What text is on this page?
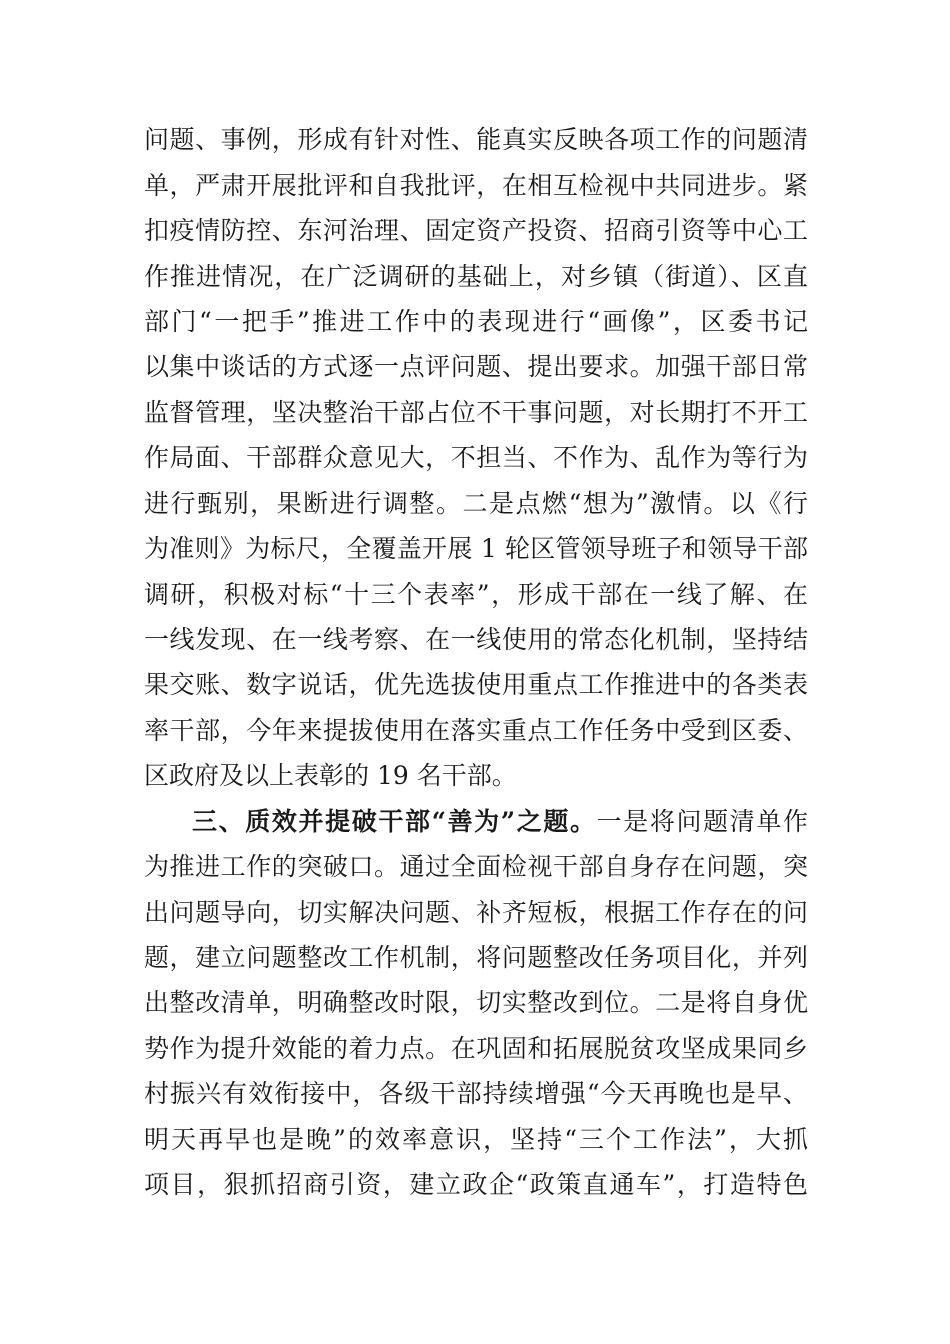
问题、事例，形成有针对性、能真实反映各项工作的问题清
单，严肃开展批评和自我批评，在相互检视中共同进步。紧
扣疫情防控、东河治理、固定资产投资、招商引资等中心工
作推进情况，在广泛调研的基础上，对乡镇（街道）、区直
部门“一把手”推进工作中的表现进行“画像”，区委书记
以集中谈话的方式逐一点评问题、提出要求。加强干部日常
监督管理，坚决整治干部占位不干事问题，对长期打不开工
作局面、干部群众意见大，不担当、不作为、乱作为等行为
进行甄别，果断进行调整。二是点燃“想为”激情。以《行
为准则》为标尺，全覆盖开展 1 轮区管领导班子和领导干部
调研，积极对标“十三个表率”，形成干部在一线了解、在
一线发现、在一线考察、在一线使用的常态化机制，坚持结
果交账、数字说话，优先选拔使用重点工作推进中的各类表
率干部，今年来提拔使用在落实重点工作任务中受到区委、
区政府及以上表彰的 19 名干部。
三、质效并提破干部“善为”之题。一是将问题清单作
为推进工作的突破口。通过全面检视干部自身存在问题，突
出问题导向，切实解决问题、补齐短板，根据工作存在的问
题，建立问题整改工作机制，将问题整改任务项目化，并列
出整改清单，明确整改时限，切实整改到位。二是将自身优
势作为提升效能的着力点。在巩固和拓展脱贫攻坚成果同乡
村振兴有效衔接中，各级干部持续增强“今天再晚也是早、
明天再早也是晚”的效率意识，坚持“三个工作法”，大抓
项目，狠抓招商引资，建立政企“政策直通车”，打造特色
